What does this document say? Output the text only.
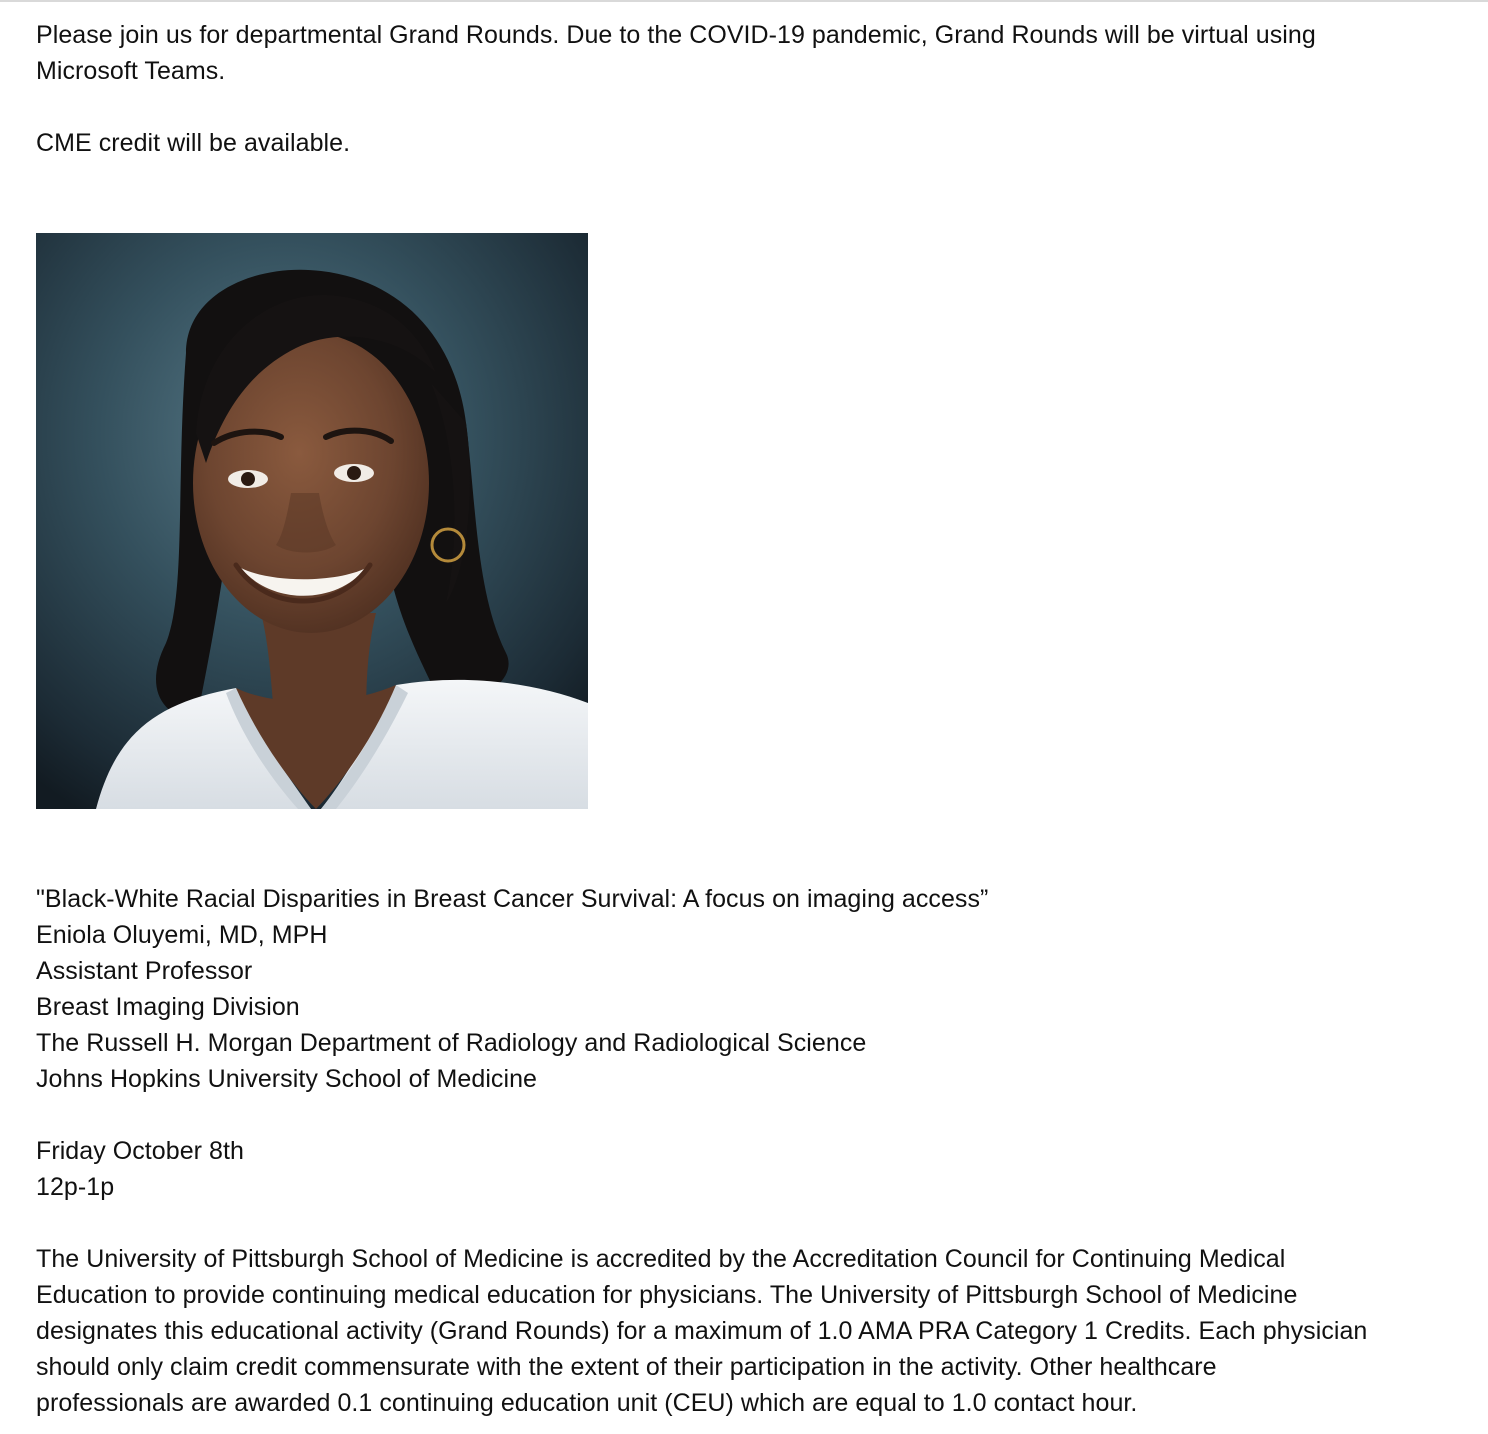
Please join us for departmental Grand Rounds. Due to the COVID-19 pandemic, Grand Rounds will be virtual using

Microsoft Teams.

CME credit will be available.

"Black-White Racial Disparities in Breast Cancer Survival: A focus on imaging access”

Eniola Oluyemi, MD, MPH

Assistant Professor

Breast Imaging Division

The Russell H. Morgan Department of Radiology and Radiological Science

Johns Hopkins University School of Medicine

Friday October 8th

12p-1p

The University of Pittsburgh School of Medicine is accredited by the Accreditation Council for Continuing Medical

Education to provide continuing medical education for physicians. The University of Pittsburgh School of Medicine

designates this educational activity (Grand Rounds) for a maximum of 1.0 AMA PRA Category 1 Credits. Each physician

should only claim credit commensurate with the extent of their participation in the activity. Other healthcare

professionals are awarded 0.1 continuing education unit (CEU) which are equal to 1.0 contact hour.
